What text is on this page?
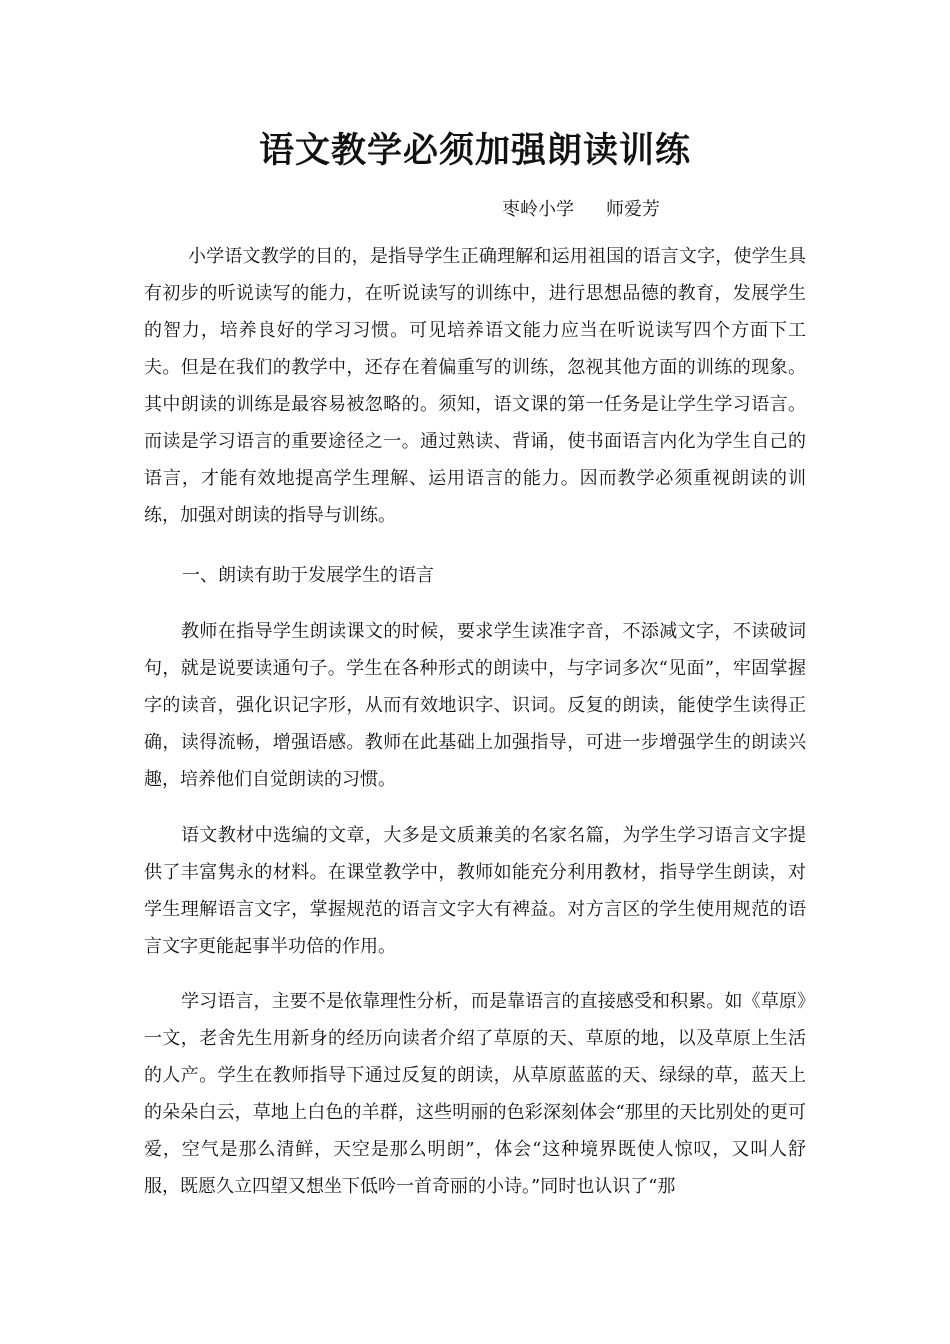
语文教学必须加强朗读训练
枣岭小学 师爱芳

小学语文教学的目的，是指导学生正确理解和运用祖国的语言文字，使学生具有初步的听说读写的能力，在听说读写的训练中，进行思想品德的教育，发展学生的智力，培养良好的学习习惯。可见培养语文能力应当在听说读写四个方面下工夫。但是在我们的教学中，还存在着偏重写的训练，忽视其他方面的训练的现象。其中朗读的训练是最容易被忽略的。须知，语文课的第一任务是让学生学习语言。而读是学习语言的重要途径之一。通过熟读、背诵，使书面语言内化为学生自己的语言，才能有效地提高学生理解、运用语言的能力。因而教学必须重视朗读的训练，加强对朗读的指导与训练。

一、朗读有助于发展学生的语言

教师在指导学生朗读课文的时候，要求学生读准字音，不添减文字，不读破词句，就是说要读通句子。学生在各种形式的朗读中，与字词多次“见面”，牢固掌握字的读音，强化识记字形，从而有效地识字、识词。反复的朗读，能使学生读得正确，读得流畅，增强语感。教师在此基础上加强指导，可进一步增强学生的朗读兴趣，培养他们自觉朗读的习惯。

语文教材中选编的文章，大多是文质兼美的名家名篇，为学生学习语言文字提供了丰富隽永的材料。在课堂教学中，教师如能充分利用教材，指导学生朗读，对学生理解语言文字，掌握规范的语言文字大有裨益。对方言区的学生使用规范的语言文字更能起事半功倍的作用。

学习语言，主要不是依靠理性分析，而是靠语言的直接感受和积累。如《草原》一文，老舍先生用新身的经历向读者介绍了草原的天、草原的地，以及草原上生活的人产。学生在教师指导下通过反复的朗读，从草原蓝蓝的天、绿绿的草，蓝天上的朵朵白云，草地上白色的羊群，这些明丽的色彩深刻体会“那里的天比别处的更可爱，空气是那么清鲜，天空是那么明朗”，体会“这种境界既使人惊叹，又叫人舒服，既愿久立四望又想坐下低吟一首奇丽的小诗。”同时也认识了“那
